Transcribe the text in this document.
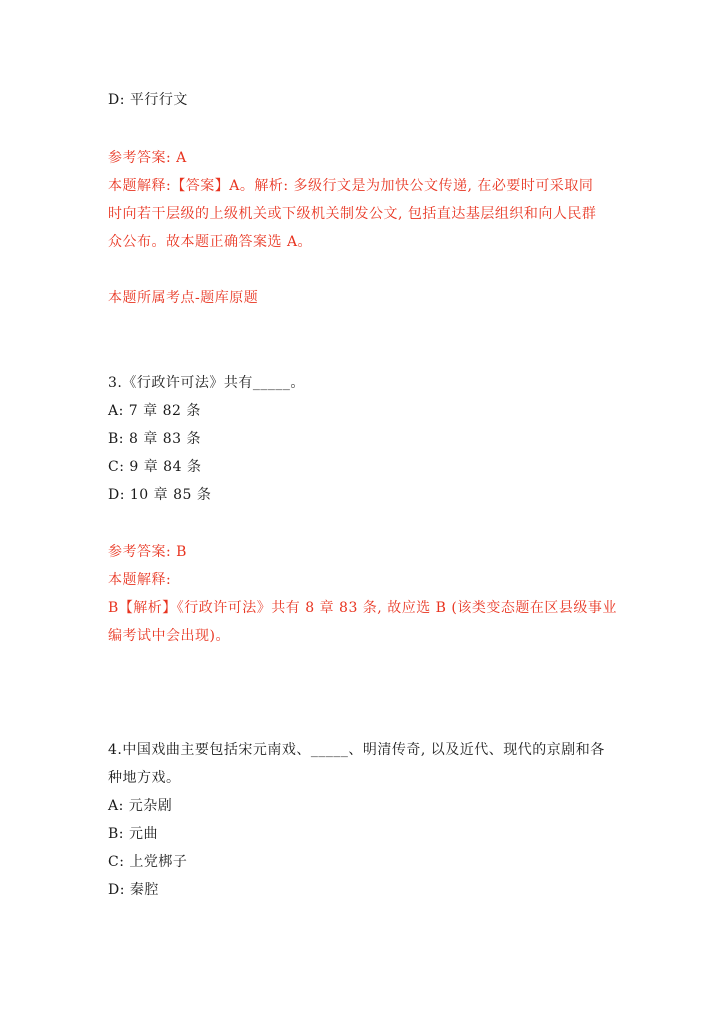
D: 平行行文
参考答案: A
本题解释:【答案】A。解析: 多级行文是为加快公文传递, 在必要时可采取同
时向若干层级的上级机关或下级机关制发公文, 包括直达基层组织和向人民群
众公布。故本题正确答案选 A。
本题所属考点-题库原题
3.《行政许可法》共有_____。
A: 7 章 82 条
B: 8 章 83 条
C: 9 章 84 条
D: 10 章 85 条
参考答案: B
本题解释:
B【解析】《行政许可法》共有 8 章 83 条, 故应选 B (该类变态题在区县级事业
编考试中会出现)。
4.中国戏曲主要包括宋元南戏、_____、明清传奇, 以及近代、现代的京剧和各
种地方戏。
A: 元杂剧
B: 元曲
C: 上党梆子
D: 秦腔
